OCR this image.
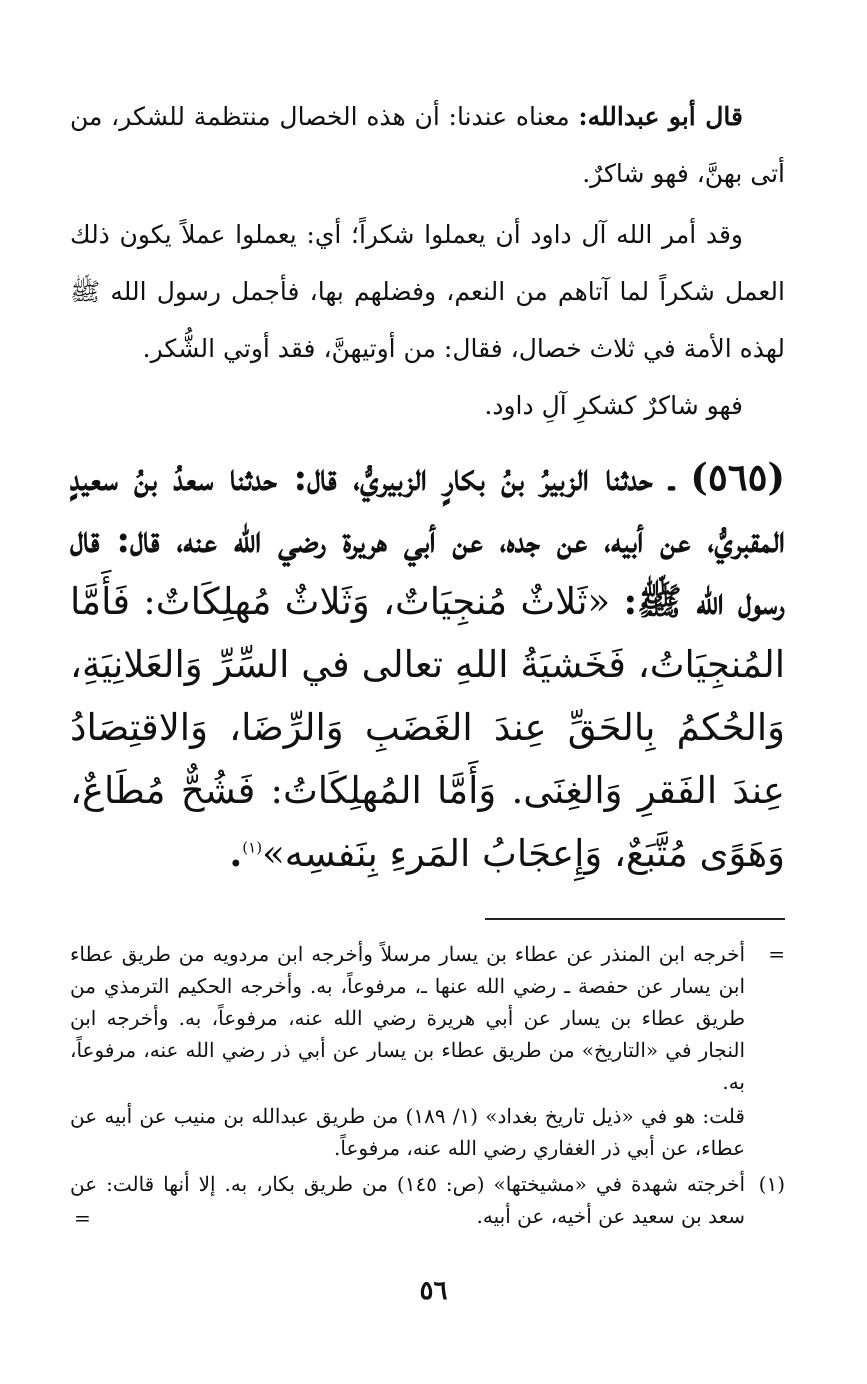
قال أبو عبدالله: معناه عندنا: أن هذه الخصال منتظمة للشكر، من أتى بهنَّ، فهو شاكرٌ.

وقد أمر الله آل داود أن يعملوا شكراً؛ أي: يعملوا عملاً يكون ذلك العمل شكراً لما آتاهم من النعم، وفضلهم بها، فأجمل رسول الله ﷺ لهذه الأمة في ثلاث خصال، فقال: من أوتيهنَّ، فقد أوتي الشُّكر.

فهو شاكرٌ كشكرِ آلِ داود.

(٥٦٥) ـ حدثنا الزبيرُ بنُ بكارٍ الزبيريُّ، قال: حدثنا سعدُ بنُ سعيدٍ المقبريُّ، عن أبيه، عن جده، عن أبي هريرة رضي الله عنه، قال: قال رسول الله ﷺ: «ثَلاثٌ مُنجِيَاتٌ، وَثَلاثٌ مُهلِكَاتٌ: فَأَمَّا المُنجِيَاتُ، فَخَشيَةُ اللهِ تعالى في السِّرِّ وَالعَلانِيَةِ، وَالحُكمُ بِالحَقِّ عِندَ الغَضَبِ وَالرِّضَا، وَالاقتِصَادُ عِندَ الفَقرِ وَالغِنَى. وَأَمَّا المُهلِكَاتُ: فَشُحٌّ مُطَاعٌ، وَهَوًى مُتَّبَعٌ، وَإِعجَابُ المَرءِ بِنَفسِه»$^{(١)}$.

=

أخرجه ابن المنذر عن عطاء بن يسار مرسلاً وأخرجه ابن مردويه من طريق عطاء ابن يسار عن حفصة ـ رضي الله عنها ـ، مرفوعاً، به. وأخرجه الحكيم الترمذي من طريق عطاء بن يسار عن أبي هريرة رضي الله عنه، مرفوعاً، به. وأخرجه ابن النجار في «التاريخ» من طريق عطاء بن يسار عن أبي ذر رضي الله عنه، مرفوعاً، به.

قلت: هو في «ذيل تاريخ بغداد» (١/ ١٨٩) من طريق عبدالله بن منيب عن أبيه عن عطاء، عن أبي ذر الغفاري رضي الله عنه، مرفوعاً.

(١)

أخرجته شهدة في «مشيختها» (ص: ١٤٥) من طريق بكار، به. إلا أنها قالت: عن سعد بن سعيد عن أخيه، عن أبيه.

=
٥٦
